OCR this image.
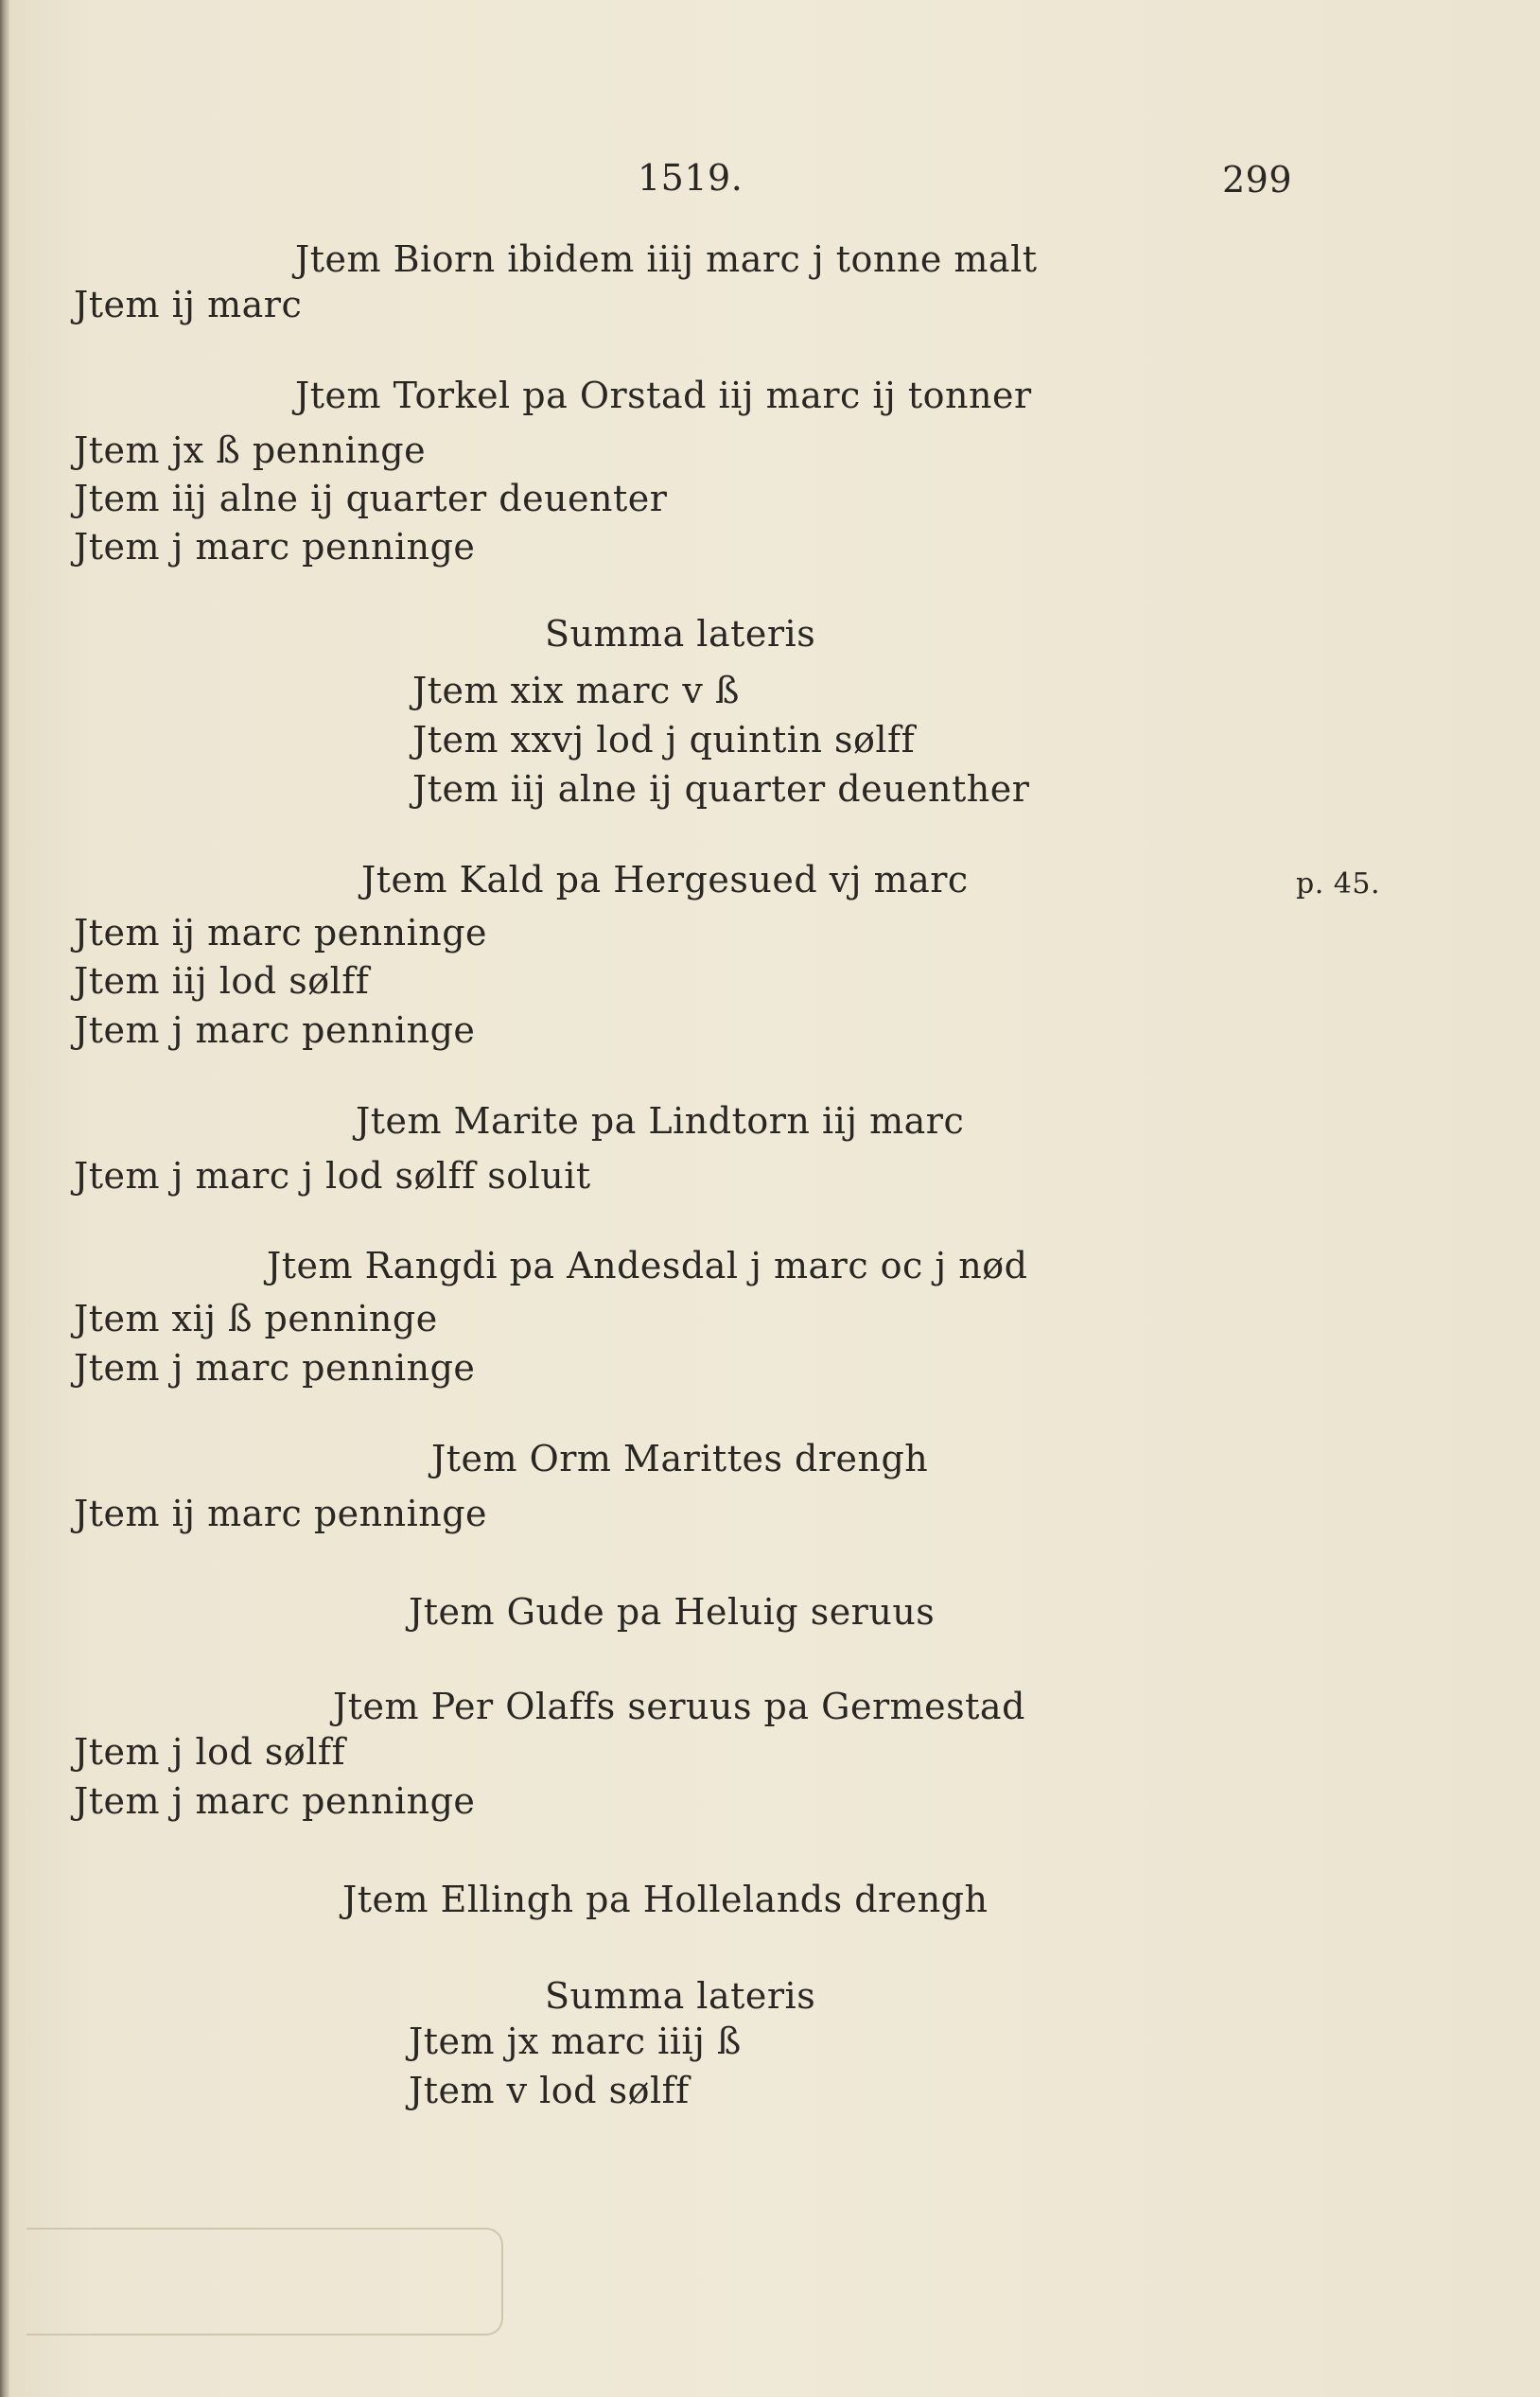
1519.	299
Jtem Biorn ibidem iiij marc j tonne malt
Jtem ij marc
Jtem Torkel pa Orstad iij marc ij tonner
Jtem jx ß penninge
Jtem iij alne ij quarter deuenter
Jtem j marc penninge
Summa lateris
Jtem xix marc v ß
Jtem xxvj lod j quintin sølff
Jtem iij alne ij quarter deuenther
Jtem Kald pa Hergesued vj marc	p. 45.
Jtem ij marc penninge
Jtem iij lod sølff
Jtem j marc penninge
Jtem Marite pa Lindtorn iij marc
Jtem j marc j lod sølff soluit
Jtem Rangdi pa Andesdal j marc oc j nød
Jtem xij ß penninge
Jtem j marc penninge
Jtem Orm Marittes drengh
Jtem ij marc penninge
Jtem Gude pa Heluig seruus
Jtem Per Olaffs seruus pa Germestad
Jtem j lod sølff
Jtem j marc penninge
Jtem Ellingh pa Hollelands drengh
Summa lateris
Jtem jx marc iiij ß
Jtem v lod sølff
